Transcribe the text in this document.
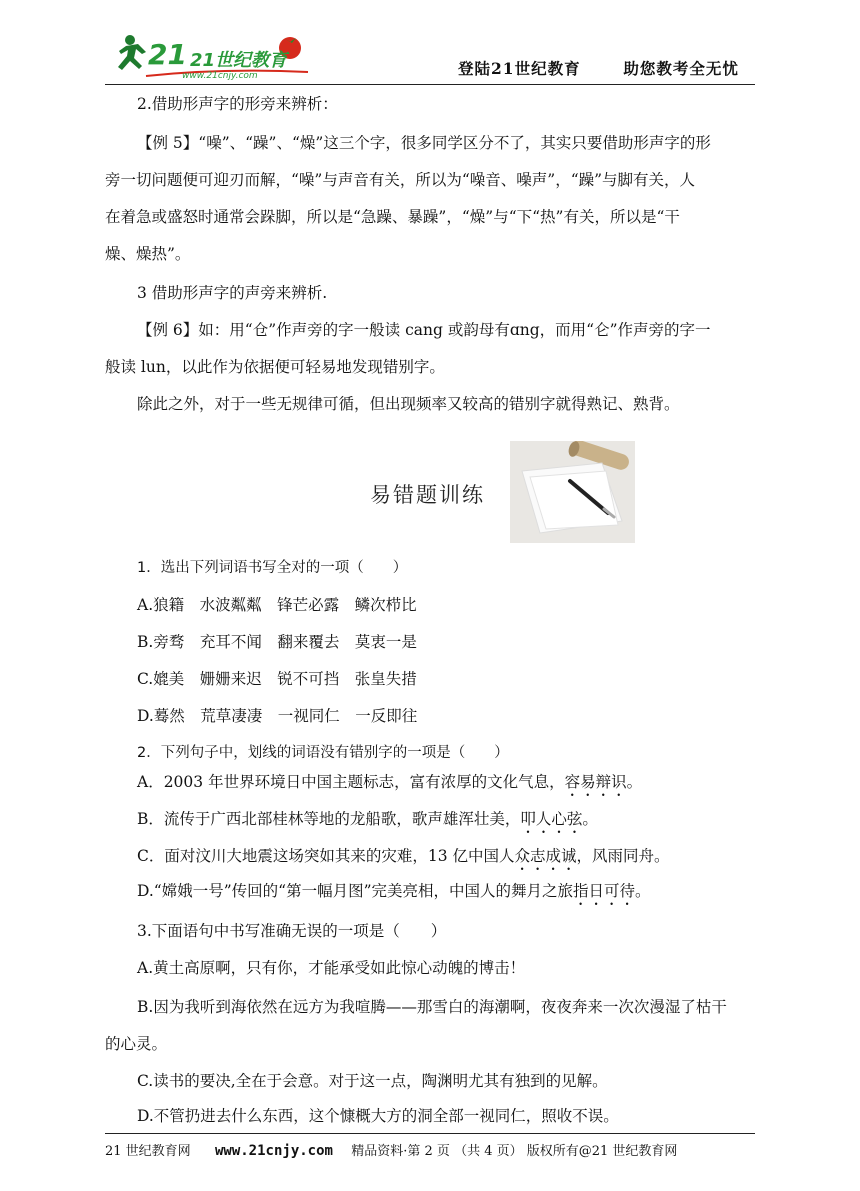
21 21世纪教育
www.21cnjy.com	登陆21世纪教育	助您教考全无忧
2.借助形声字的形旁来辨析：
【例 5】“噪”、“躁”、“燥”这三个字，很多同学区分不了，其实只要借助形声字的形
旁一切问题便可迎刃而解，“噪”与声音有关，所以为“噪音、噪声”，“躁”与脚有关，人
在着急或盛怒时通常会跺脚，所以是“急躁、暴躁”，“燥”与“下“热”有关，所以是“干
燥、燥热”。
3 借助形声字的声旁来辨析.
【例 6】如：用“仓”作声旁的字一般读 cang 或韵母有ɑng，而用“仑”作声旁的字一
般读 lun，以此作为依据便可轻易地发现错别字。
除此之外，对于一些无规律可循，但出现频率又较高的错别字就得熟记、熟背。
易错题训练
1．选出下列词语书写全对的一项（　　）
A.狼籍　水波粼粼　锋芒必露　鳞次栉比
B.旁骛　充耳不闻　翻来覆去　莫衷一是
C.媲美　姗姗来迟　锐不可挡　张皇失措
D.蓦然　荒草凄凄　一视同仁　一反即往
2．下列句子中，划线的词语没有错别字的一项是（　　）
A．2003 年世界环境日中国主题标志，富有浓厚的文化气息，容易辩识。
B．流传于广西北部桂林等地的龙船歌，歌声雄浑壮美，叩人心弦。
C．面对汶川大地震这场突如其来的灾难，13 亿中国人众志成诚，风雨同舟。
D.“嫦娥一号”传回的“第一幅月图”完美亮相，中国人的舞月之旅指日可待。
3.下面语句中书写准确无误的一项是（　　）
A.黄土高原啊，只有你，才能承受如此惊心动魄的博击！
B.因为我听到海依然在远方为我喧腾——那雪白的海潮啊，夜夜奔来一次次漫湿了枯干
的心灵。
C.读书的要决,全在于会意。对于这一点，陶渊明尤其有独到的见解。
D.不管扔进去什么东西，这个慷概大方的洞全部一视同仁，照收不误。
21 世纪教育网 www.21cnjy.com 精品资料·第 2 页 （共 4 页） 版权所有@21 世纪教育网
